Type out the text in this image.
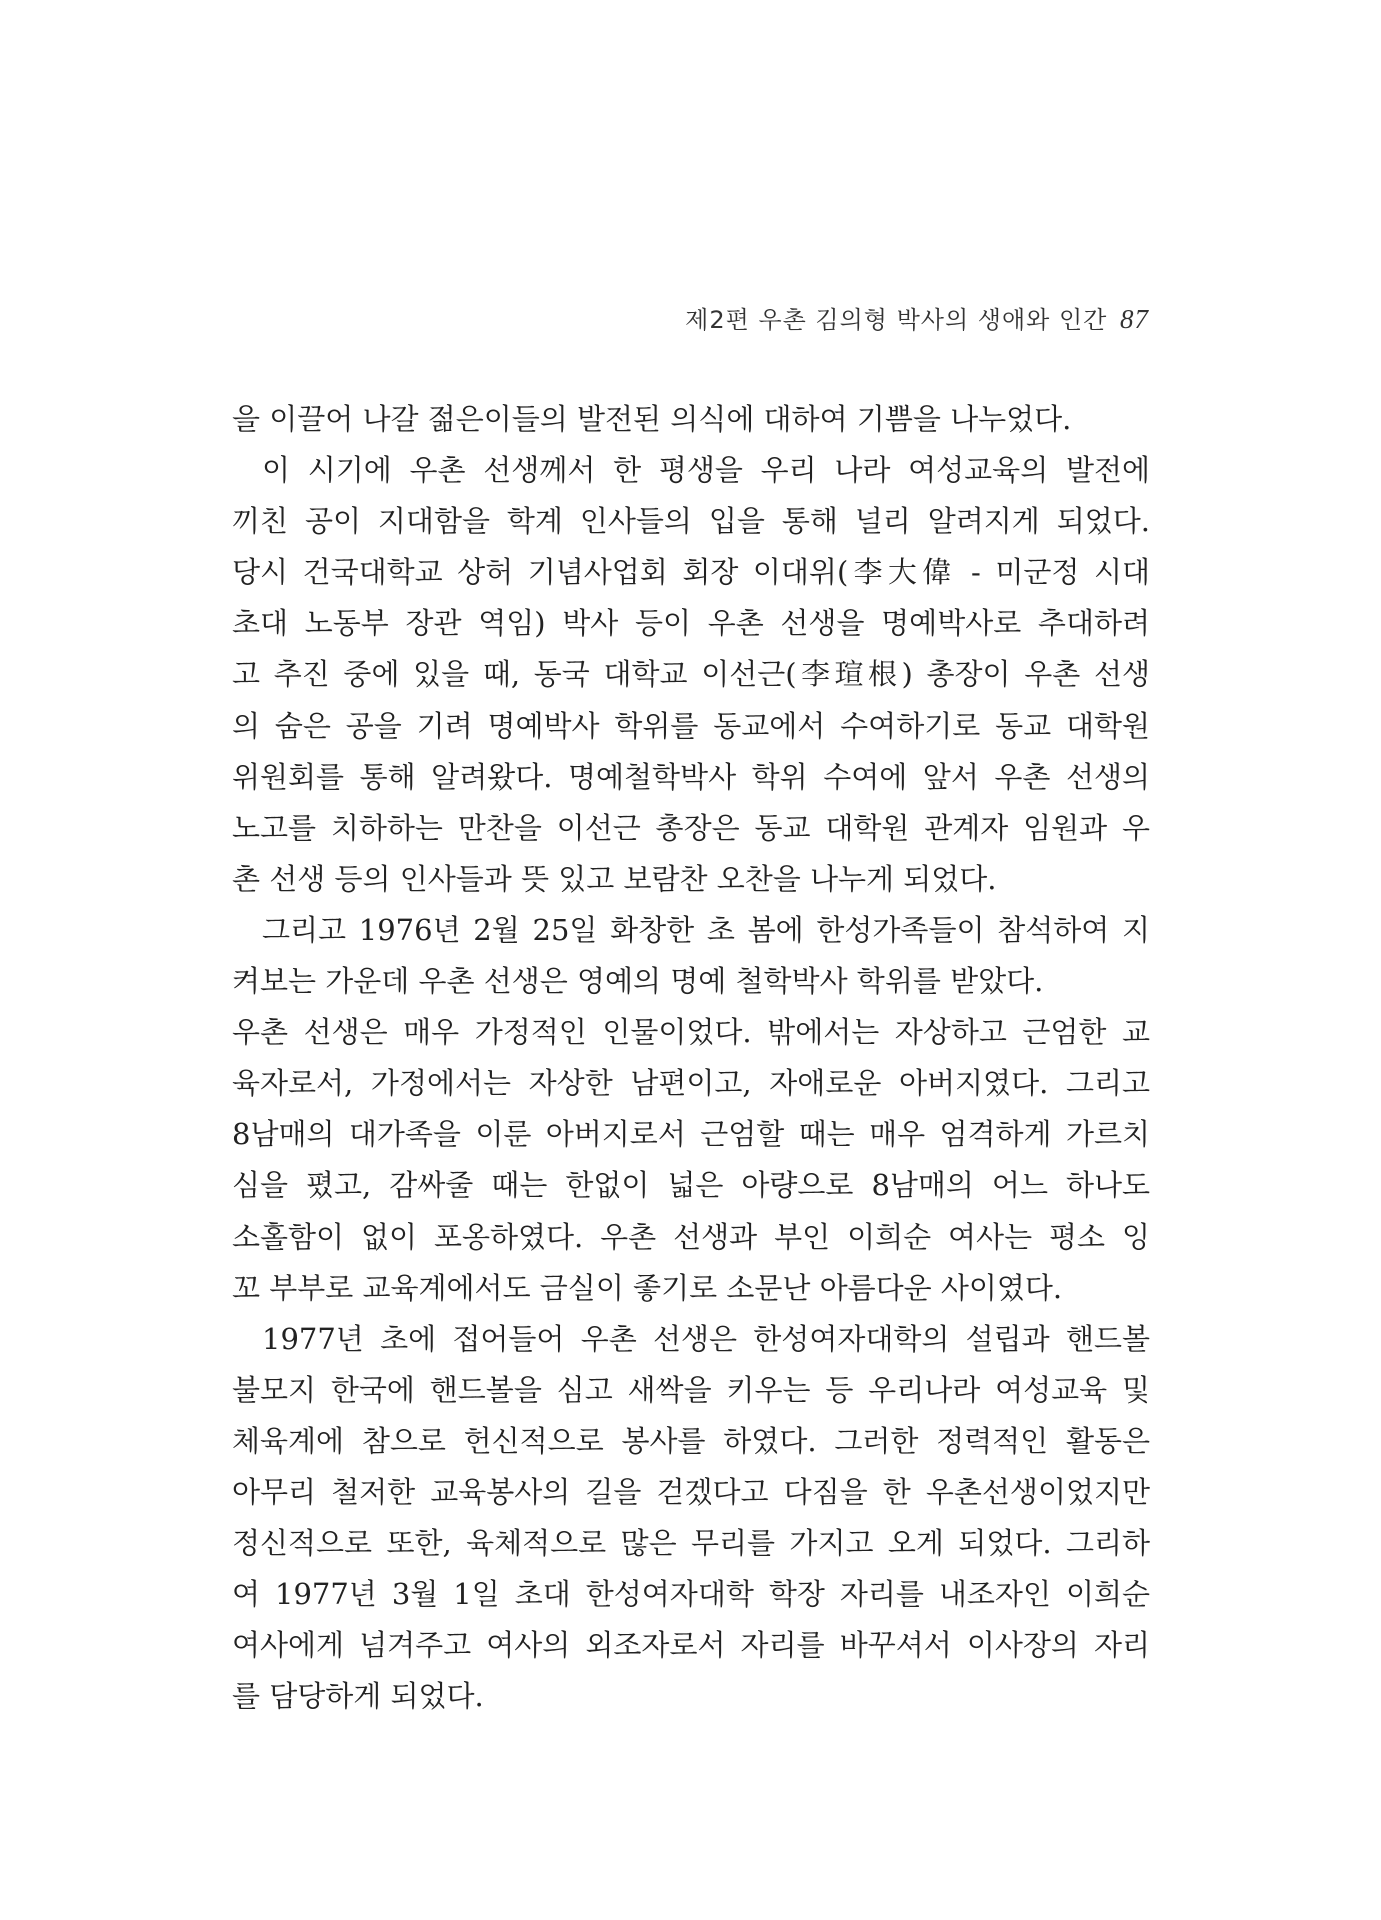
제2편 우촌 김의형 박사의 생애와 인간 87
을 이끌어 나갈 젊은이들의 발전된 의식에 대하여 기쁨을 나누었다.
이 시기에 우촌 선생께서 한 평생을 우리 나라 여성교육의 발전에
끼친 공이 지대함을 학계 인사들의 입을 통해 널리 알려지게 되었다.
당시 건국대학교 상허 기념사업회 회장 이대위(李大偉 - 미군정 시대
초대 노동부 장관 역임) 박사 등이 우촌 선생을 명예박사로 추대하려
고 추진 중에 있을 때, 동국 대학교 이선근(李瑄根) 총장이 우촌 선생
의 숨은 공을 기려 명예박사 학위를 동교에서 수여하기로 동교 대학원
위원회를 통해 알려왔다. 명예철학박사 학위 수여에 앞서 우촌 선생의
노고를 치하하는 만찬을 이선근 총장은 동교 대학원 관계자 임원과 우
촌 선생 등의 인사들과 뜻 있고 보람찬 오찬을 나누게 되었다.
그리고 1976년 2월 25일 화창한 초 봄에 한성가족들이 참석하여 지
켜보는 가운데 우촌 선생은 영예의 명예 철학박사 학위를 받았다.
우촌 선생은 매우 가정적인 인물이었다. 밖에서는 자상하고 근엄한 교
육자로서, 가정에서는 자상한 남편이고, 자애로운 아버지였다. 그리고
8남매의 대가족을 이룬 아버지로서 근엄할 때는 매우 엄격하게 가르치
심을 폈고, 감싸줄 때는 한없이 넓은 아량으로 8남매의 어느 하나도
소홀함이 없이 포옹하였다. 우촌 선생과 부인 이희순 여사는 평소 잉
꼬 부부로 교육계에서도 금실이 좋기로 소문난 아름다운 사이였다.
1977년 초에 접어들어 우촌 선생은 한성여자대학의 설립과 핸드볼
불모지 한국에 핸드볼을 심고 새싹을 키우는 등 우리나라 여성교육 및
체육계에 참으로 헌신적으로 봉사를 하였다. 그러한 정력적인 활동은
아무리 철저한 교육봉사의 길을 걷겠다고 다짐을 한 우촌선생이었지만
정신적으로 또한, 육체적으로 많은 무리를 가지고 오게 되었다. 그리하
여 1977년 3월 1일 초대 한성여자대학 학장 자리를 내조자인 이희순
여사에게 넘겨주고 여사의 외조자로서 자리를 바꾸셔서 이사장의 자리
를 담당하게 되었다.
